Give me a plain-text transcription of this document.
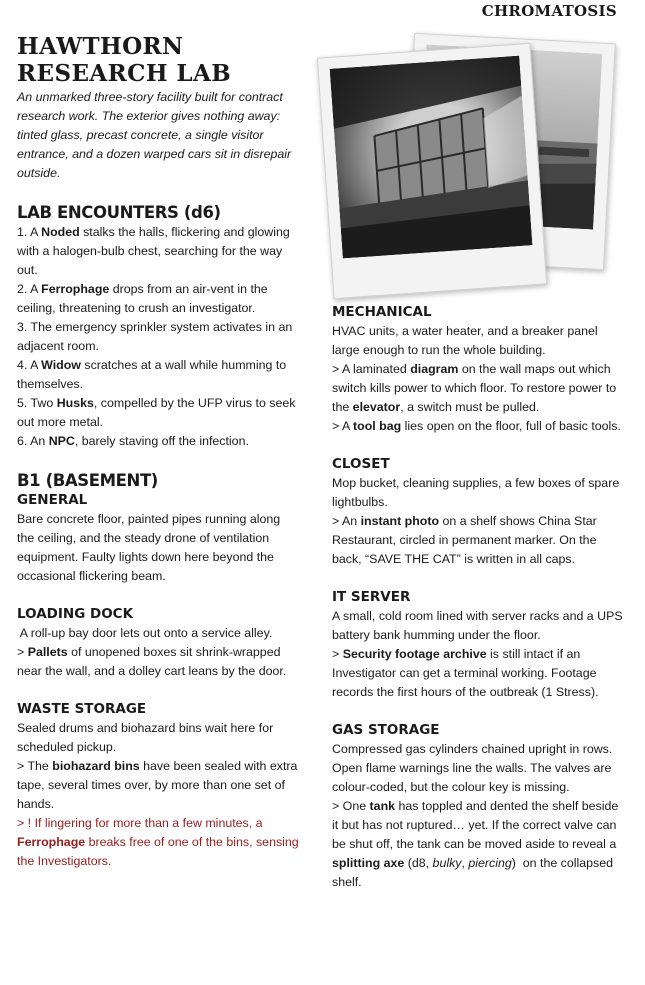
CHROMATOSIS
HAWTHORN
RESEARCH LAB

An unmarked three-story facility built for contract research work. The exterior gives nothing away: tinted glass, precast concrete, a single visitor entrance, and a dozen warped cars sit in disrepair outside.

LAB ENCOUNTERS (d6)

1. A Noded stalks the halls, flickering and glowing with a halogen-bulb chest, searching for the way out.

2. A Ferrophage drops from an air-vent in the ceiling, threatening to crush an investigator.

3. The emergency sprinkler system activates in an adjacent room.

4. A Widow scratches at a wall while humming to themselves.

5. Two Husks, compelled by the UFP virus to seek out more metal.

6. An NPC, barely staving off the infection.

B1 (BASEMENT)
GENERAL

Bare concrete floor, painted pipes running along the ceiling, and the steady drone of ventilation equipment. Faulty lights down here beyond the occasional flickering beam.

LOADING DOCK

A roll-up bay door lets out onto a service alley.

> Pallets of unopened boxes sit shrink-wrapped near the wall, and a dolley cart leans by the door.

WASTE STORAGE

Sealed drums and biohazard bins wait here for scheduled pickup.

> The biohazard bins have been sealed with extra tape, several times over, by more than one set of hands.

> ! If lingering for more than a few minutes, a Ferrophage breaks free of one of the bins, sensing the Investigators.

MECHANICAL

HVAC units, a water heater, and a breaker panel large enough to run the whole building.

> A laminated diagram on the wall maps out which switch kills power to which floor. To restore power to the elevator, a switch must be pulled.

> A tool bag lies open on the floor, full of basic tools.

CLOSET

Mop bucket, cleaning supplies, a few boxes of spare lightbulbs.

> An instant photo on a shelf shows China Star Restaurant, circled in permanent marker. On the back, “SAVE THE CAT” is written in all caps.

IT SERVER

A small, cold room lined with server racks and a UPS battery bank humming under the floor.

> Security footage archive is still intact if an Investigator can get a terminal working. Footage records the first hours of the outbreak (1 Stress).

GAS STORAGE

Compressed gas cylinders chained upright in rows. Open flame warnings line the walls. The valves are colour-coded, but the colour key is missing.

> One tank has toppled and dented the shelf beside it but has not ruptured… yet. If the correct valve can be shut off, the tank can be moved aside to reveal a splitting axe (d8, bulky, piercing)  on the collapsed shelf.
